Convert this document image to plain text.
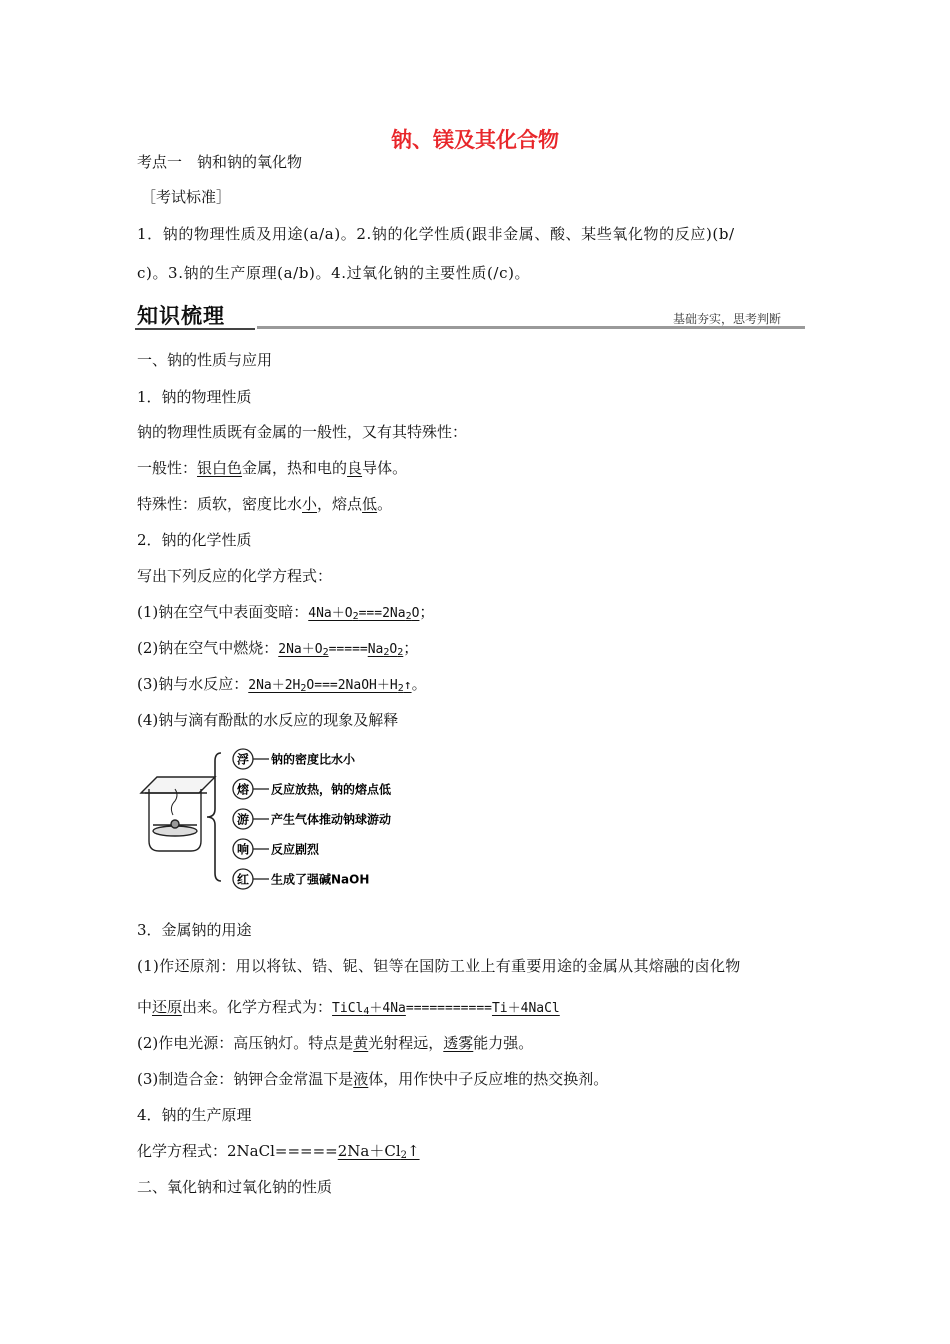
钠、镁及其化合物
考点一　钠和钠的氧化物
［考试标准］
1．钠的物理性质及用途(a/a)。2.钠的化学性质(跟非金属、酸、某些氧化物的反应)(b/
c)。3.钠的生产原理(a/b)。4.过氧化钠的主要性质(/c)。
知识梳理	基础夯实，思考判断
一、钠的性质与应用
1．钠的物理性质
钠的物理性质既有金属的一般性，又有其特殊性：
一般性：银白色金属，热和电的良导体。
特殊性：质软，密度比水小，熔点低。
2．钠的化学性质
写出下列反应的化学方程式：
(1)钠在空气中表面变暗：$4Na+O_2===2Na_2O$；
(2)钠在空气中燃烧：$2Na+O_2=====Na_2O_2$；
(3)钠与水反应：$2Na+2H_2O===2NaOH+H_2↑$。
(4)钠与滴有酚酞的水反应的现象及解释
浮 钠的密度比水小
熔 反应放热，钠的熔点低
游 产生气体推动钠球游动
响 反应剧烈
红 生成了强碱NaOH
3．金属钠的用途
(1)作还原剂：用以将钛、锆、铌、钽等在国防工业上有重要用途的金属从其熔融的卤化物
中还原出来。化学方程式为：TiCl$_4$＋4Na===========Ti＋4NaCl
(2)作电光源：高压钠灯。特点是黄光射程远，透雾能力强。
(3)制造合金：钠钾合金常温下是液体，用作快中子反应堆的热交换剂。
4．钠的生产原理
化学方程式：$2NaCl=====2Na+Cl_2↑$
二、氧化钠和过氧化钠的性质
